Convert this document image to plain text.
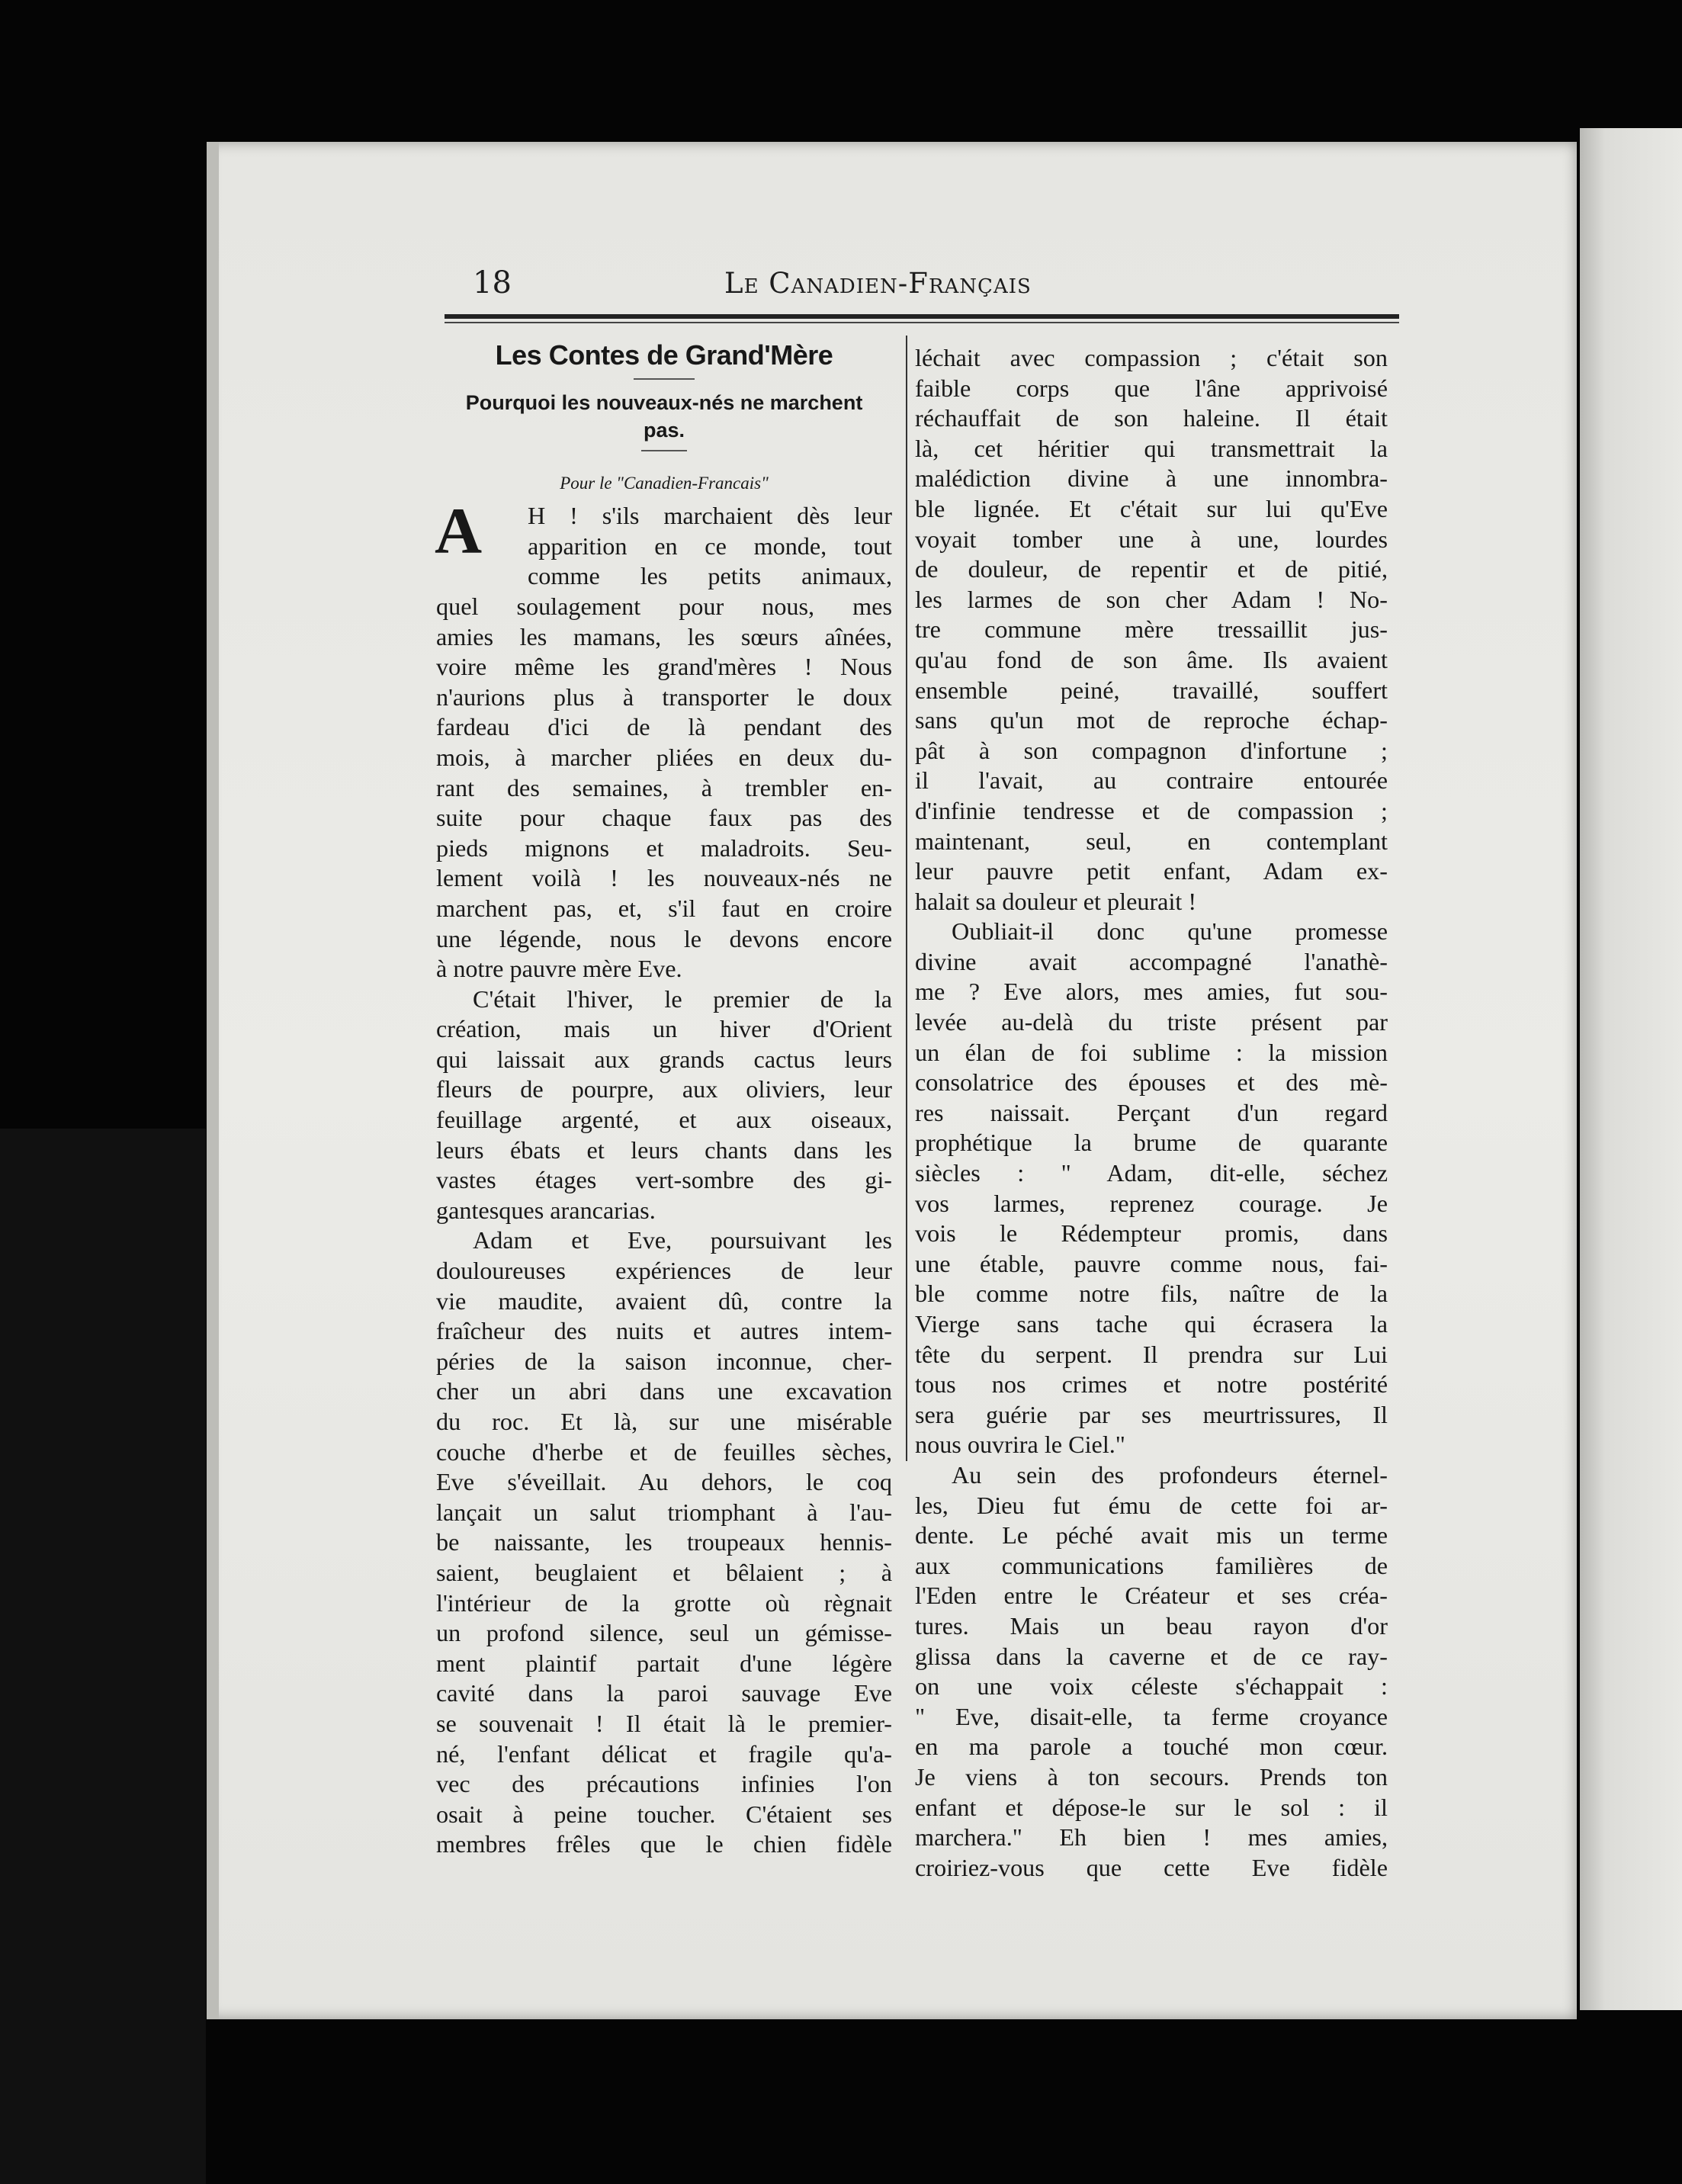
18	Le Canadien-Français
Les Contes de Grand'Mère
Pourquoi les nouveaux-nés ne marchent pas.
Pour le "Canadien-Francais"
A	H ! s'ils marchaient dès leur
apparition en ce monde, tout
comme les petits animaux,
quel soulagement pour nous, mes
amies les mamans, les sœurs aînées,
voire même les grand'mères ! Nous
n'aurions plus à transporter le doux
fardeau d'ici de là pendant des
mois, à marcher pliées en deux du-
rant des semaines, à trembler en-
suite pour chaque faux pas des
pieds mignons et maladroits. Seu-
lement voilà ! les nouveaux-nés ne
marchent pas, et, s'il faut en croire
une légende, nous le devons encore
à notre pauvre mère Eve.
C'était l'hiver, le premier de la
création, mais un hiver d'Orient
qui laissait aux grands cactus leurs
fleurs de pourpre, aux oliviers, leur
feuillage argenté, et aux oiseaux,
leurs ébats et leurs chants dans les
vastes étages vert-sombre des gi-
gantesques arancarias.
Adam et Eve, poursuivant les
douloureuses expériences de leur
vie maudite, avaient dû, contre la
fraîcheur des nuits et autres intem-
péries de la saison inconnue, cher-
cher un abri dans une excavation
du roc. Et là, sur une misérable
couche d'herbe et de feuilles sèches,
Eve s'éveillait. Au dehors, le coq
lançait un salut triomphant à l'au-
be naissante, les troupeaux hennis-
saient, beuglaient et bêlaient ; à
l'intérieur de la grotte où règnait
un profond silence, seul un gémisse-
ment plaintif partait d'une légère
cavité dans la paroi sauvage Eve
se souvenait ! Il était là le premier-
né, l'enfant délicat et fragile qu'a-
vec des précautions infinies l'on
osait à peine toucher. C'étaient ses
membres frêles que le chien fidèle
léchait avec compassion ; c'était son
faible corps que l'âne apprivoisé
réchauffait de son haleine. Il était
là, cet héritier qui transmettrait la
malédiction divine à une innombra-
ble lignée. Et c'était sur lui qu'Eve
voyait tomber une à une, lourdes
de douleur, de repentir et de pitié,
les larmes de son cher Adam ! No-
tre commune mère tressaillit jus-
qu'au fond de son âme. Ils avaient
ensemble peiné, travaillé, souffert
sans qu'un mot de reproche échap-
pât à son compagnon d'infortune ;
il l'avait, au contraire entourée
d'infinie tendresse et de compassion ;
maintenant, seul, en contemplant
leur pauvre petit enfant, Adam ex-
halait sa douleur et pleurait !
Oubliait-il donc qu'une promesse
divine avait accompagné l'anathè-
me ? Eve alors, mes amies, fut sou-
levée au-delà du triste présent par
un élan de foi sublime : la mission
consolatrice des épouses et des mè-
res naissait. Perçant d'un regard
prophétique la brume de quarante
siècles : " Adam, dit-elle, séchez
vos larmes, reprenez courage. Je
vois le Rédempteur promis, dans
une étable, pauvre comme nous, fai-
ble comme notre fils, naître de la
Vierge sans tache qui écrasera la
tête du serpent. Il prendra sur Lui
tous nos crimes et notre postérité
sera guérie par ses meurtrissures, Il
nous ouvrira le Ciel."
Au sein des profondeurs éternel-
les, Dieu fut ému de cette foi ar-
dente. Le péché avait mis un terme
aux communications familières de
l'Eden entre le Créateur et ses créa-
tures. Mais un beau rayon d'or
glissa dans la caverne et de ce ray-
on une voix céleste s'échappait :
" Eve, disait-elle, ta ferme croyance
en ma parole a touché mon cœur.
Je viens à ton secours. Prends ton
enfant et dépose-le sur le sol : il
marchera." Eh bien ! mes amies,
croiriez-vous que cette Eve fidèle
